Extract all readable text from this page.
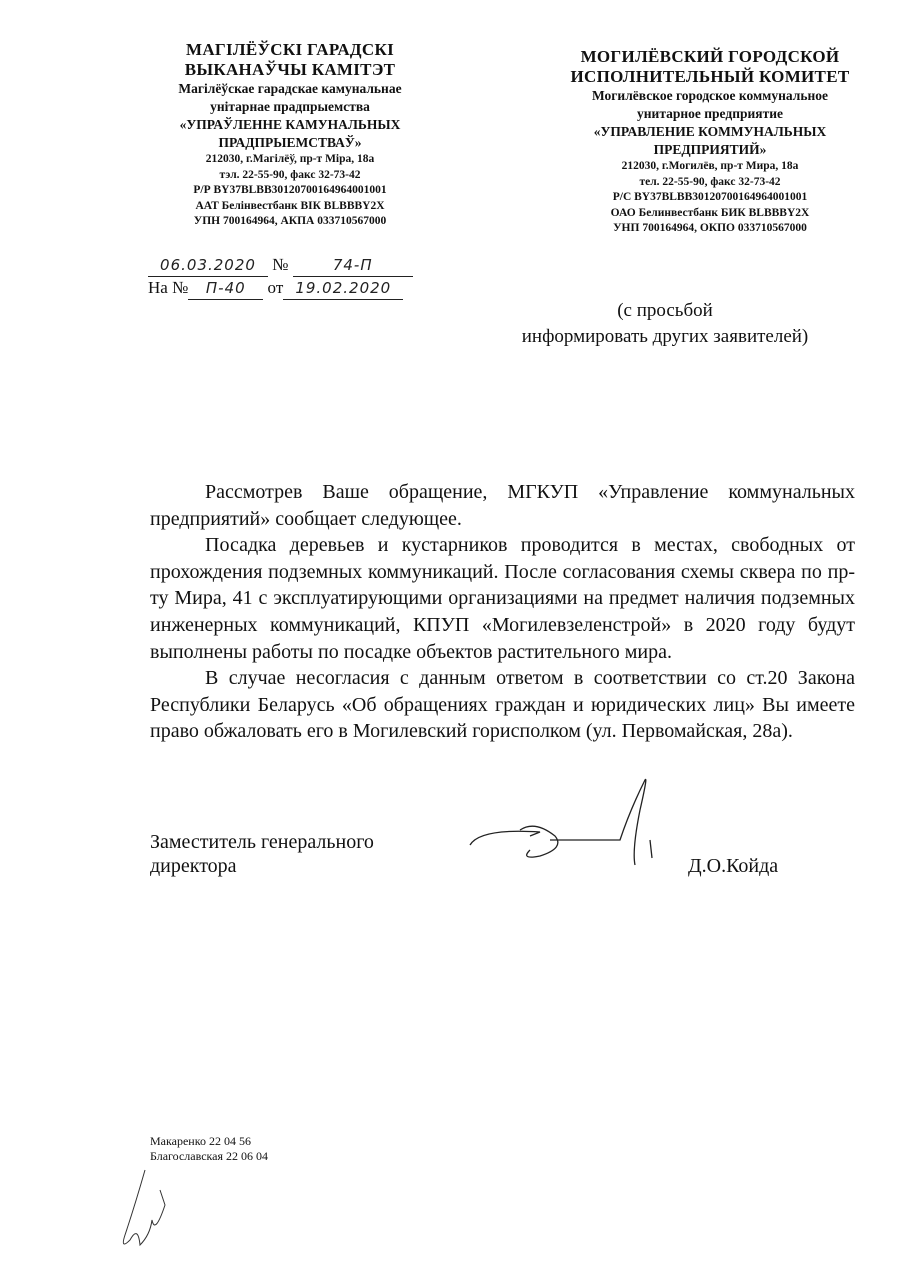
МАГІЛЁЎСКІ ГАРАДСКІ
ВЫКАНАЎЧЫ КАМІТЭТ
Магілёўскае гарадскае камунальнае
унітарнае прадпрыемства
«УПРАЎЛЕННЕ КАМУНАЛЬНЫХ
ПРАДПРЫЕМСТВАЎ»
212030, г.Магілёў, пр-т Міра, 18а
тэл. 22-55-90, факс 32-73-42
Р/Р BY37BLBB30120700164964001001
ААТ Белінвестбанк ВІК BLBBBY2X
УПН 700164964, АКПА 033710567000
МОГИЛЁВСКИЙ ГОРОДСКОЙ
ИСПОЛНИТЕЛЬНЫЙ КОМИТЕТ
Могилёвское городское коммунальное
унитарное предприятие
«УПРАВЛЕНИЕ КОММУНАЛЬНЫХ
ПРЕДПРИЯТИЙ»
212030, г.Могилёв, пр-т Мира, 18а
тел. 22-55-90, факс 32-73-42
Р/С BY37BLBB30120700164964001001
ОАО Белинвестбанк БИК BLBBBY2X
УНП 700164964, ОКПО 033710567000
06.03.2020 №	74-П
На № П-40 от 19.02.2020
(с просьбой
информировать других заявителей)

Рассмотрев Ваше обращение, МГКУП «Управление коммунальных предприятий» сообщает следующее.

Посадка деревьев и кустарников проводится в местах, свободных от прохождения подземных коммуникаций. После согласования схемы сквера по пр-ту Мира, 41 с эксплуатирующими организациями на предмет наличия подземных инженерных коммуникаций, КПУП «Могилевзеленстрой» в 2020 году будут выполнены работы по посадке объектов растительного мира.

В случае несогласия с данным ответом в соответствии со ст.20 Закона Республики Беларусь «Об обращениях граждан и юридических лиц» Вы имеете право обжаловать его в Могилевский горисполком (ул. Первомайская, 28а).

Заместитель генерального
директора	Д.О.Койда
Макаренко 22 04 56
Благославская 22 06 04
